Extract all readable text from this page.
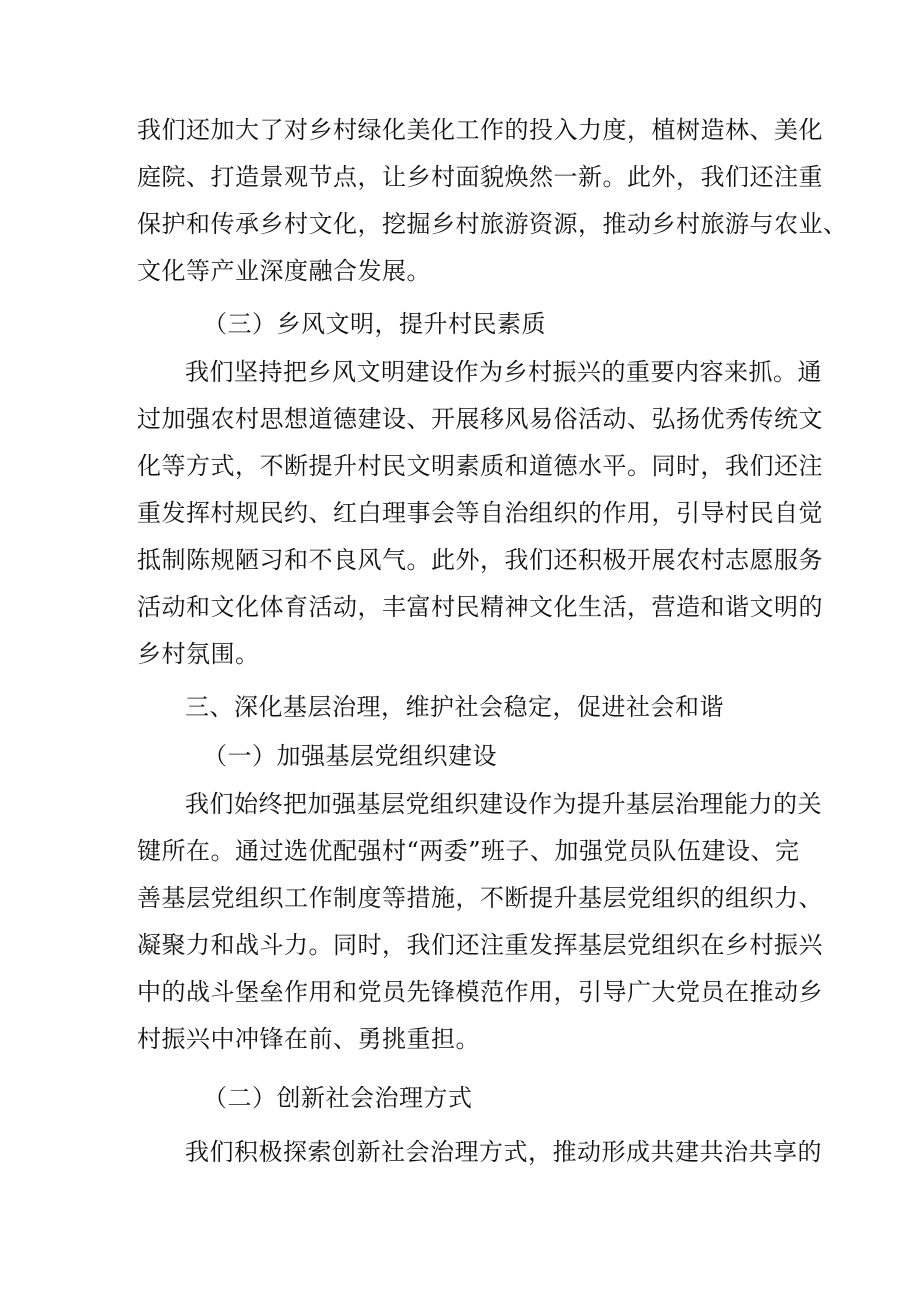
我们还加大了对乡村绿化美化工作的投入力度，植树造林、美化
庭院、打造景观节点，让乡村面貌焕然一新。此外，我们还注重
保护和传承乡村文化，挖掘乡村旅游资源，推动乡村旅游与农业、
文化等产业深度融合发展。
（三）乡风文明，提升村民素质
我们坚持把乡风文明建设作为乡村振兴的重要内容来抓。通
过加强农村思想道德建设、开展移风易俗活动、弘扬优秀传统文
化等方式，不断提升村民文明素质和道德水平。同时，我们还注
重发挥村规民约、红白理事会等自治组织的作用，引导村民自觉
抵制陈规陋习和不良风气。此外，我们还积极开展农村志愿服务
活动和文化体育活动，丰富村民精神文化生活，营造和谐文明的
乡村氛围。
三、深化基层治理，维护社会稳定，促进社会和谐
（一）加强基层党组织建设
我们始终把加强基层党组织建设作为提升基层治理能力的关
键所在。通过选优配强村“两委”班子、加强党员队伍建设、完
善基层党组织工作制度等措施，不断提升基层党组织的组织力、
凝聚力和战斗力。同时，我们还注重发挥基层党组织在乡村振兴
中的战斗堡垒作用和党员先锋模范作用，引导广大党员在推动乡
村振兴中冲锋在前、勇挑重担。
（二）创新社会治理方式
我们积极探索创新社会治理方式，推动形成共建共治共享的
